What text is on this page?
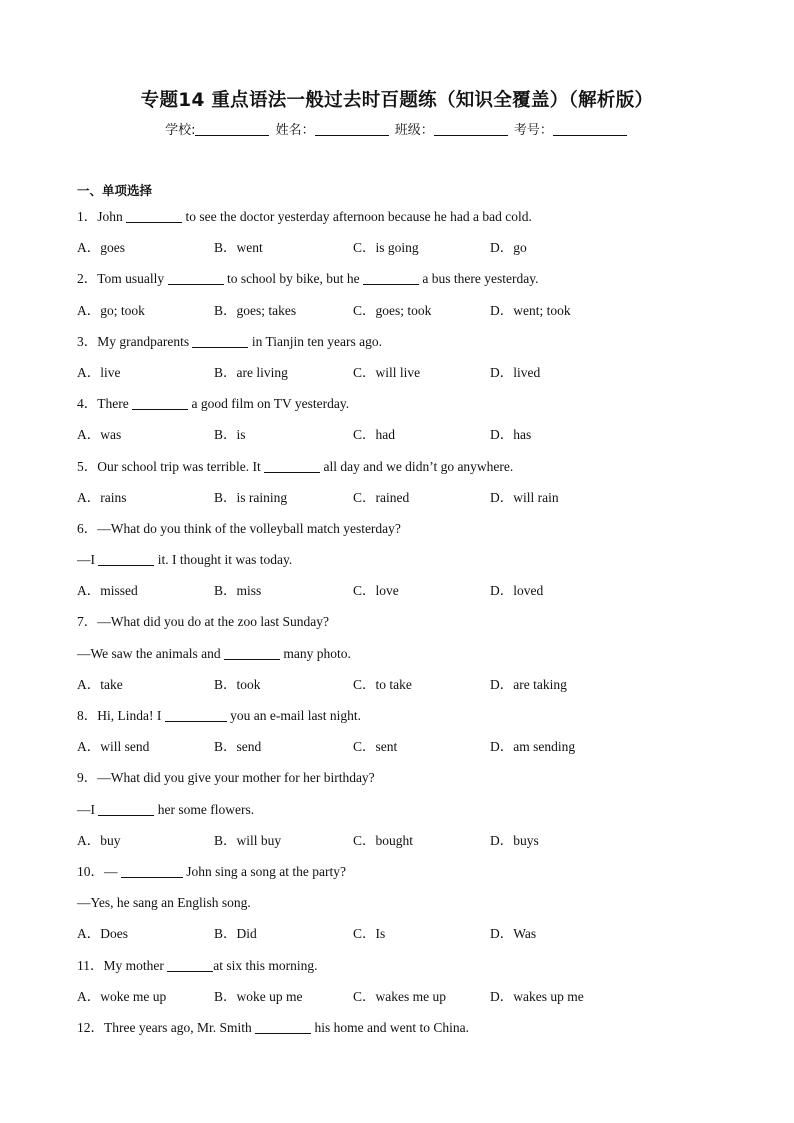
专题14 重点语法一般过去时百题练（知识全覆盖）（解析版）
学校:	姓名：	班级：	考号：
一、单项选择
1．John	to see the doctor yesterday afternoon because he had a bad cold.
A．goes	B．went	C．is going	D．go
2．Tom usually	to school by bike, but he	a bus there yesterday.
A．go; took	B．goes; takes	C．goes; took	D．went; took
3．My grandparents	in Tianjin ten years ago.
A．live	B．are living	C．will live	D．lived
4．There	a good film on TV yesterday.
A．was	B．is	C．had	D．has
5．Our school trip was terrible. It	all day and we didn’t go anywhere.
A．rains	B．is raining	C．rained	D．will rain
6．—What do you think of the volleyball match yesterday?
—I	it. I thought it was today.
A．missed	B．miss	C．love	D．loved
7．—What did you do at the zoo last Sunday?
—We saw the animals and	many photo.
A．take	B．took	C．to take	D．are taking
8．Hi, Linda! I	you an e-mail last night.
A．will send	B．send	C．sent	D．am sending
9．—What did you give your mother for her birthday?
—I	her some flowers.
A．buy	B．will buy	C．bought	D．buys
10．—	John sing a song at the party?
—Yes, he sang an English song.
A．Does	B．Did	C．Is	D．Was
11．My mother	at six this morning.
A．woke me up	B．woke up me	C．wakes me up	D．wakes up me
12．Three years ago, Mr. Smith	his home and went to China.
